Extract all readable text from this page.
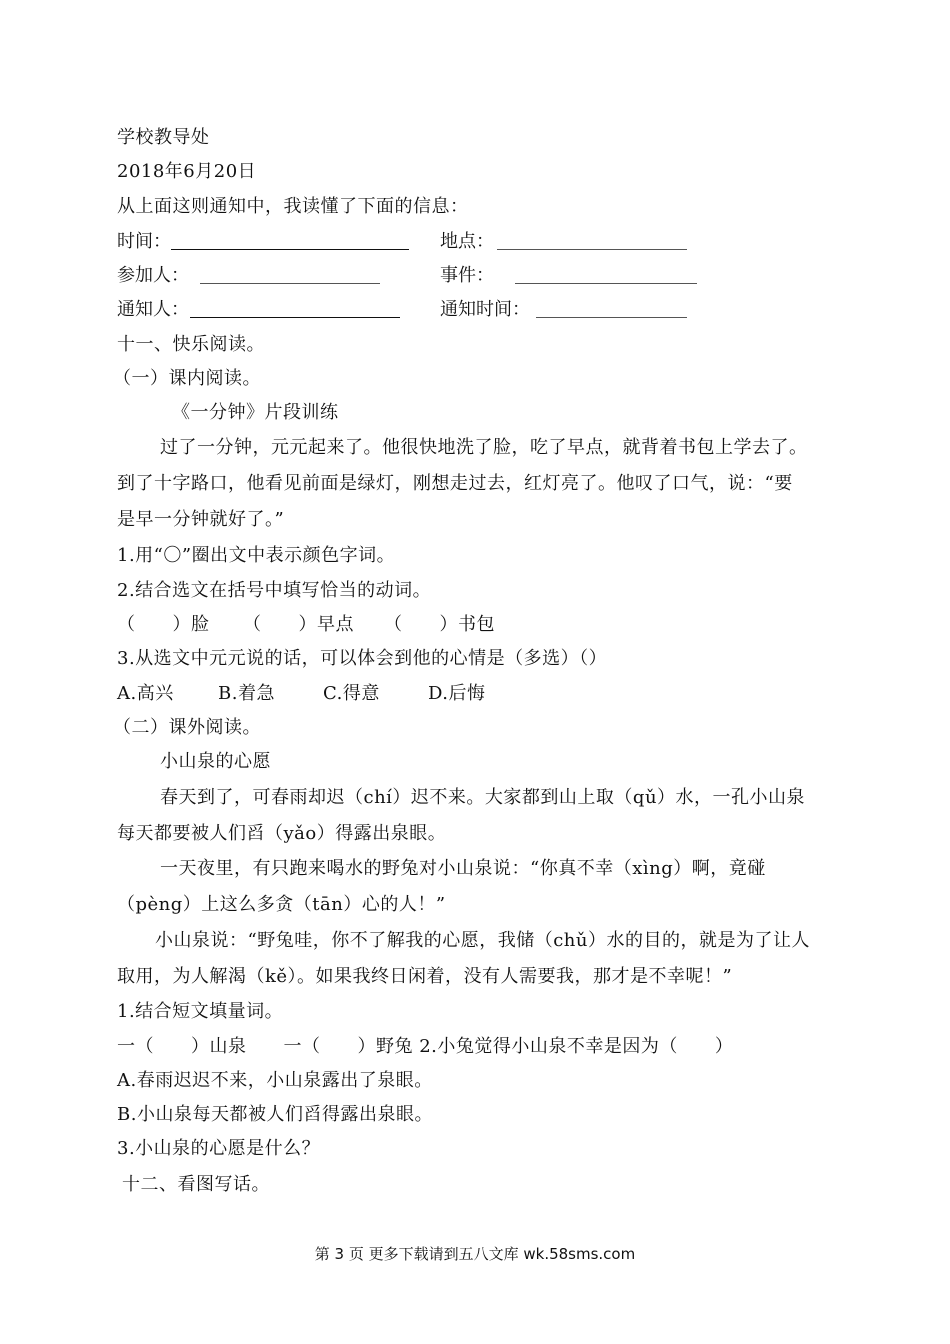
学校教导处
2018年6月20日
从上面这则通知中，我读懂了下面的信息：
时间：	地点：
参加人：	事件：
通知人：	通知时间：
十一、快乐阅读。
（一）课内阅读。
《一分钟》片段训练
过了一分钟，元元起来了。他很快地洗了脸，吃了早点，就背着书包上学去了。
到了十字路口，他看见前面是绿灯，刚想走过去，红灯亮了。他叹了口气，说：“要
是早一分钟就好了。”
1.用“〇”圈出文中表示颜色字词。
2.结合选文在括号中填写恰当的动词。
（　　）脸 （　　）早点 （　　）书包
3.从选文中元元说的话，可以体会到他的心情是（多选）（）
A.高兴 B.着急	C.得意	D.后悔
（二）课外阅读。
小山泉的心愿
春天到了，可春雨却迟（chí）迟不来。大家都到山上取（qǔ）水，一孔小山泉
每天都要被人们舀（yǎo）得露出泉眼。
一天夜里，有只跑来喝水的野兔对小山泉说：“你真不幸（xìng）啊，竟碰
（pèng）上这么多贪（tān）心的人！”
小山泉说：“野兔哇，你不了解我的心愿，我储（chǔ）水的目的，就是为了让人
取用，为人解渴（kě）。如果我终日闲着，没有人需要我，那才是不幸呢！”
1.结合短文填量词。
一（　　）山泉　　一（　　）野兔 2.小兔觉得小山泉不幸是因为（　　）
A.春雨迟迟不来，小山泉露出了泉眼。
B.小山泉每天都被人们舀得露出泉眼。
3.小山泉的心愿是什么？
十二、看图写话。
第 3 页 更多下载请到五八文库 wk.58sms.com
